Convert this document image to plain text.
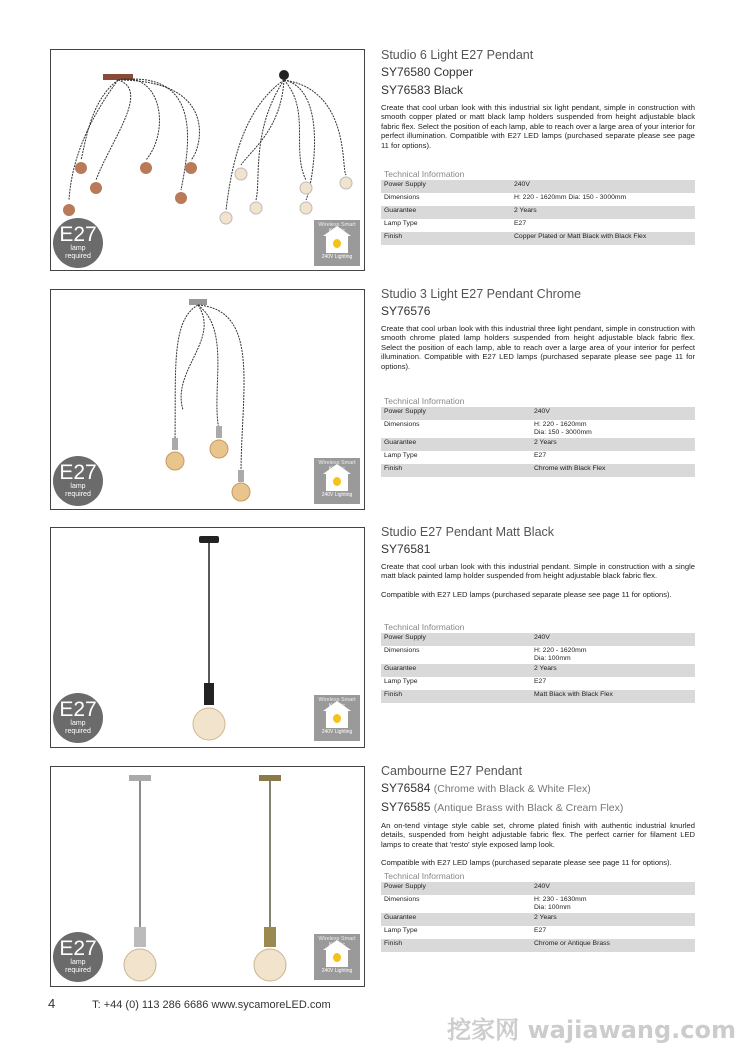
E27
lamp
required
Wireless Smart

240V Lighting
Studio 6 Light E27 Pendant
SY76580 Copper
SY76583 Black

Create that cool urban look with this industrial six light pendant, simple in construction with smooth copper plated or matt black lamp holders suspended from height adjustable black fabric flex. Select the position of each lamp, able to reach over a large area of your interior for perfect illumination. Compatible with E27 LED lamps (purchased separate please see page 11 for options).

Technical Information
Power Supply	240V
Dimensions	H: 220 - 1620mm Dia: 150 - 3000mm
Guarantee	2 Years
Lamp Type	E27
Finish	Copper Plated or Matt Black with Black Flex
E27
lamp
required
Wireless Smart

240V Lighting
Studio 3 Light E27 Pendant Chrome
SY76576

Create that cool urban look with this industrial three light pendant, simple in construction with smooth chrome plated lamp holders suspended from height adjustable black fabric flex. Select the position of each lamp, able to reach over a large area of your interior for perfect illumination. Compatible with E27 LED lamps (purchased separate please see page 11 for options).

Technical Information
Power Supply	240V
Dimensions	H: 220 - 1620mm
Dia: 150 - 3000mm
Guarantee	2 Years
Lamp Type	E27
Finish	Chrome with Black Flex
E27
lamp
required
Wireless Smart

240V Lighting
Studio E27 Pendant Matt Black
SY76581

Create that cool urban look with this industrial pendant. Simple in construction with a single matt black painted lamp holder suspended from height adjustable black fabric flex.

Compatible with E27 LED lamps (purchased separate please see page 11 for options).

Technical Information
Power Supply	240V
Dimensions	H: 220 - 1620mm
Dia: 100mm
Guarantee	2 Years
Lamp Type	E27
Finish	Matt Black with Black Flex
E27
lamp
required
Wireless Smart

240V Lighting
Cambourne E27 Pendant
SY76584 (Chrome with Black & White Flex)
SY76585 (Antique Brass with Black & Cream Flex)

An on-tend vintage style cable set, chrome plated finish with authentic industrial knurled details, suspended from height adjustable fabric flex. The perfect carrier for filament LED lamps to create that 'resto' style exposed lamp look.

Compatible with E27 LED lamps (purchased separate please see page 11 for options).

Technical Information
Power Supply	240V
Dimensions	H: 230 - 1630mm
Dia: 100mm
Guarantee	2 Years
Lamp Type	E27
Finish	Chrome or Antique Brass
4	T: +44 (0) 113 286 6686 www.sycamoreLED.com
挖家网 wajiawang.com
